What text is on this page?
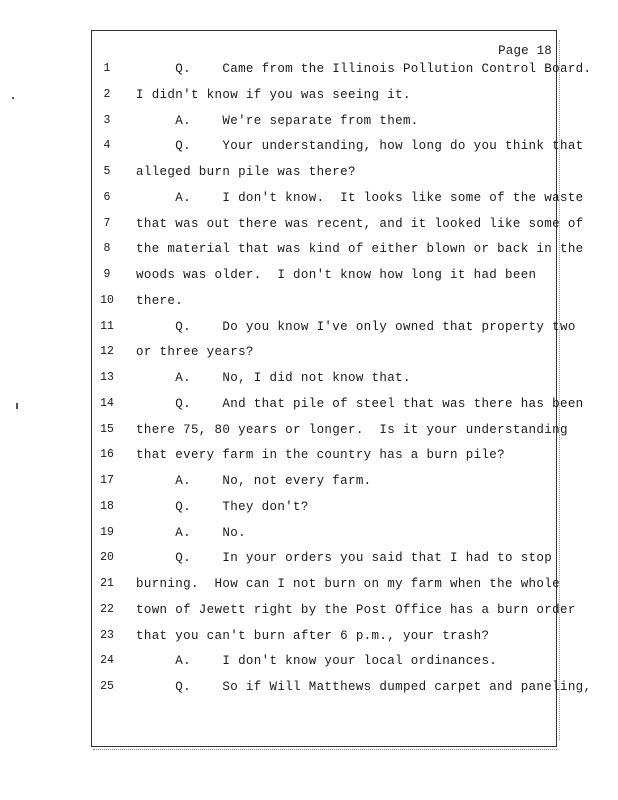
Page 18
1	Q.    Came from the Illinois Pollution Control Board.
2	I didn't know if you was seeing it.
3	A.    We're separate from them.
4	Q.    Your understanding, how long do you think that
5	alleged burn pile was there?
6	A.    I don't know.  It looks like some of the waste
7	that was out there was recent, and it looked like some of
8	the material that was kind of either blown or back in the
9	woods was older.  I don't know how long it had been
10 there.
11 Q.    Do you know I've only owned that property two
12 or three years?
13 A.    No, I did not know that.
14 Q.    And that pile of steel that was there has been
15 there 75, 80 years or longer.  Is it your understanding
16 that every farm in the country has a burn pile?
17 A.    No, not every farm.
18 Q.    They don't?
19 A.    No.
20 Q.    In your orders you said that I had to stop
21 burning.  How can I not burn on my farm when the whole
22 town of Jewett right by the Post Office has a burn order
23 that you can't burn after 6 p.m., your trash?
24 A.    I don't know your local ordinances.
25 Q.    So if Will Matthews dumped carpet and paneling,
